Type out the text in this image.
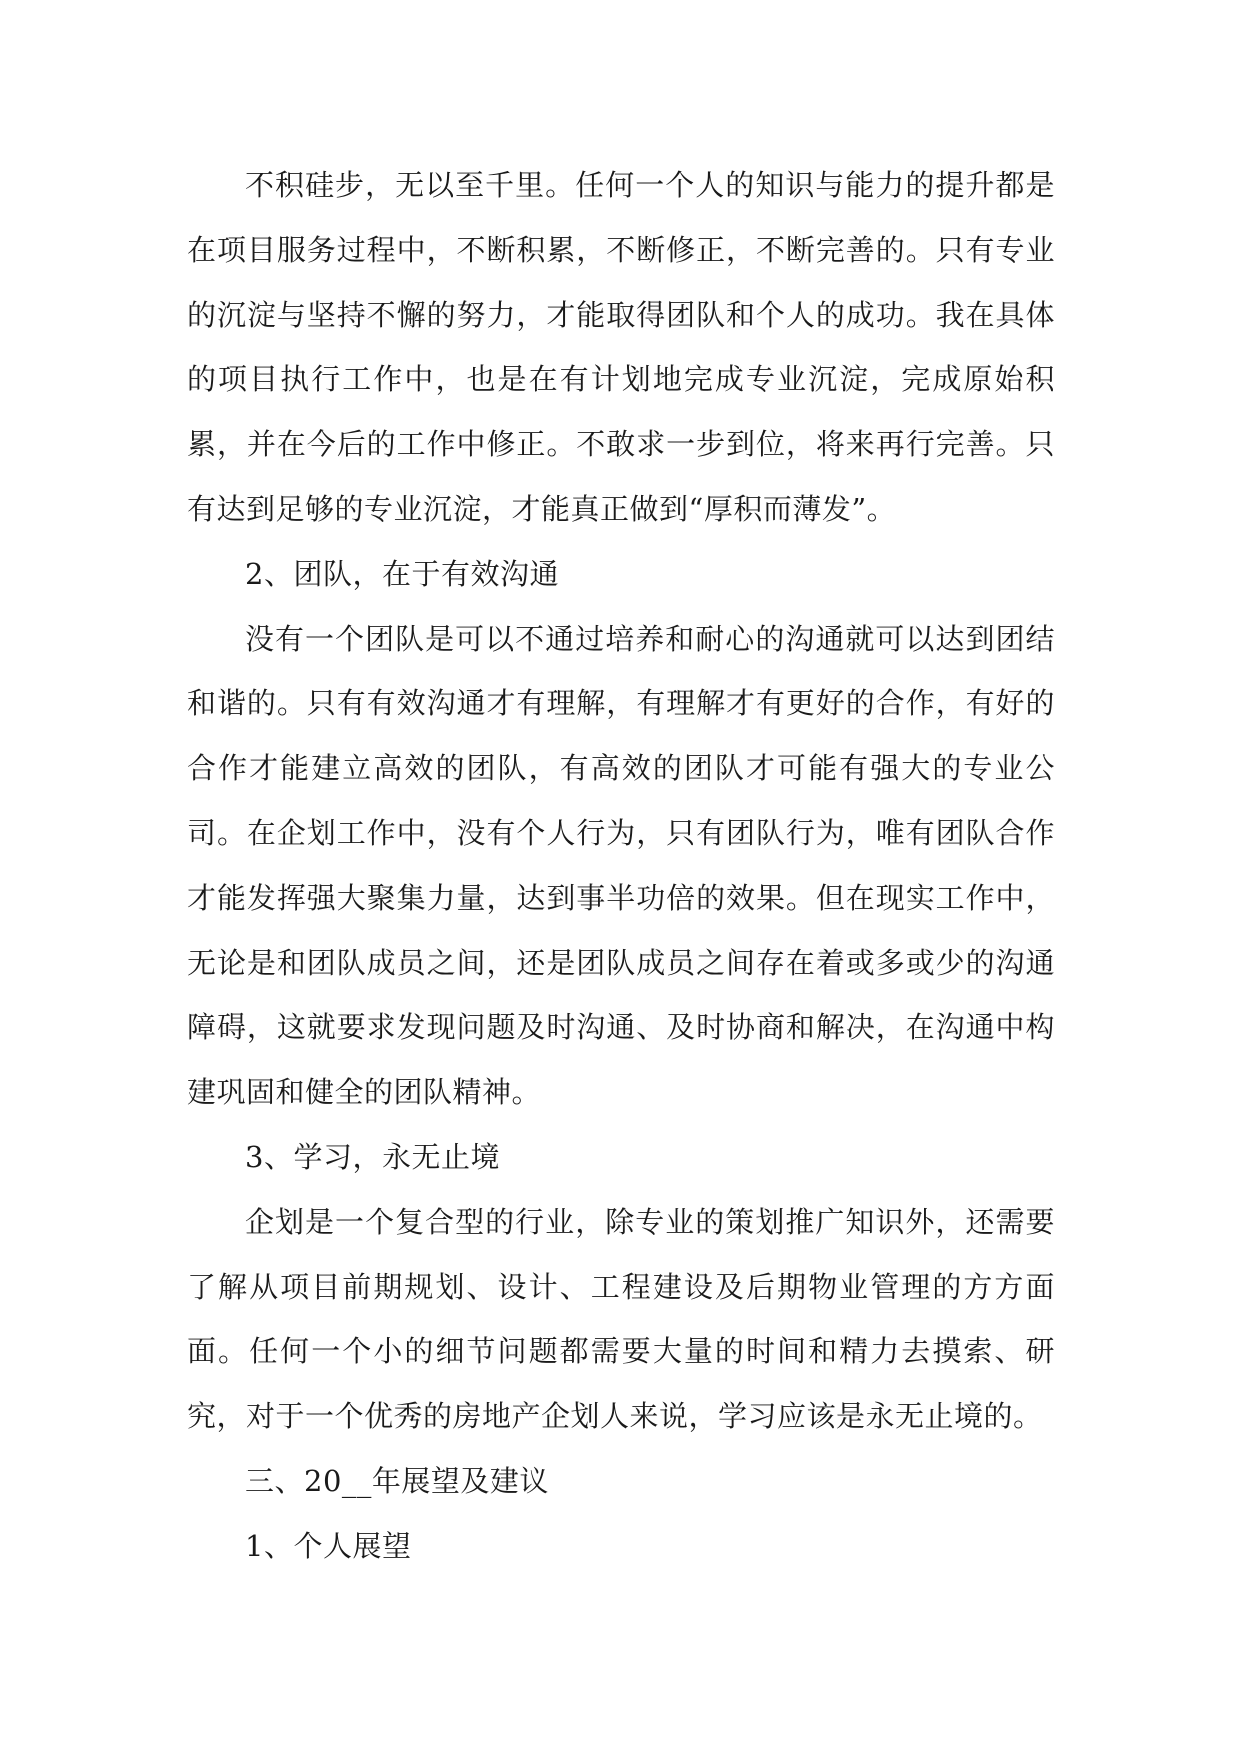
不积硅步，无以至千里。任何一个人的知识与能力的提升都是在项目服务过程中，不断积累，不断修正，不断完善的。只有专业的沉淀与坚持不懈的努力，才能取得团队和个人的成功。我在具体的项目执行工作中，也是在有计划地完成专业沉淀，完成原始积累，并在今后的工作中修正。不敢求一步到位，将来再行完善。只有达到足够的专业沉淀，才能真正做到“厚积而薄发”。

2、团队，在于有效沟通

没有一个团队是可以不通过培养和耐心的沟通就可以达到团结和谐的。只有有效沟通才有理解，有理解才有更好的合作，有好的合作才能建立高效的团队，有高效的团队才可能有强大的专业公司。在企划工作中，没有个人行为，只有团队行为，唯有团队合作才能发挥强大聚集力量，达到事半功倍的效果。但在现实工作中，无论是和团队成员之间，还是团队成员之间存在着或多或少的沟通障碍，这就要求发现问题及时沟通、及时协商和解决，在沟通中构建巩固和健全的团队精神。

3、学习，永无止境

企划是一个复合型的行业，除专业的策划推广知识外，还需要了解从项目前期规划、设计、工程建设及后期物业管理的方方面面。任何一个小的细节问题都需要大量的时间和精力去摸索、研究，对于一个优秀的房地产企划人来说，学习应该是永无止境的。

三、20__年展望及建议

1、个人展望
